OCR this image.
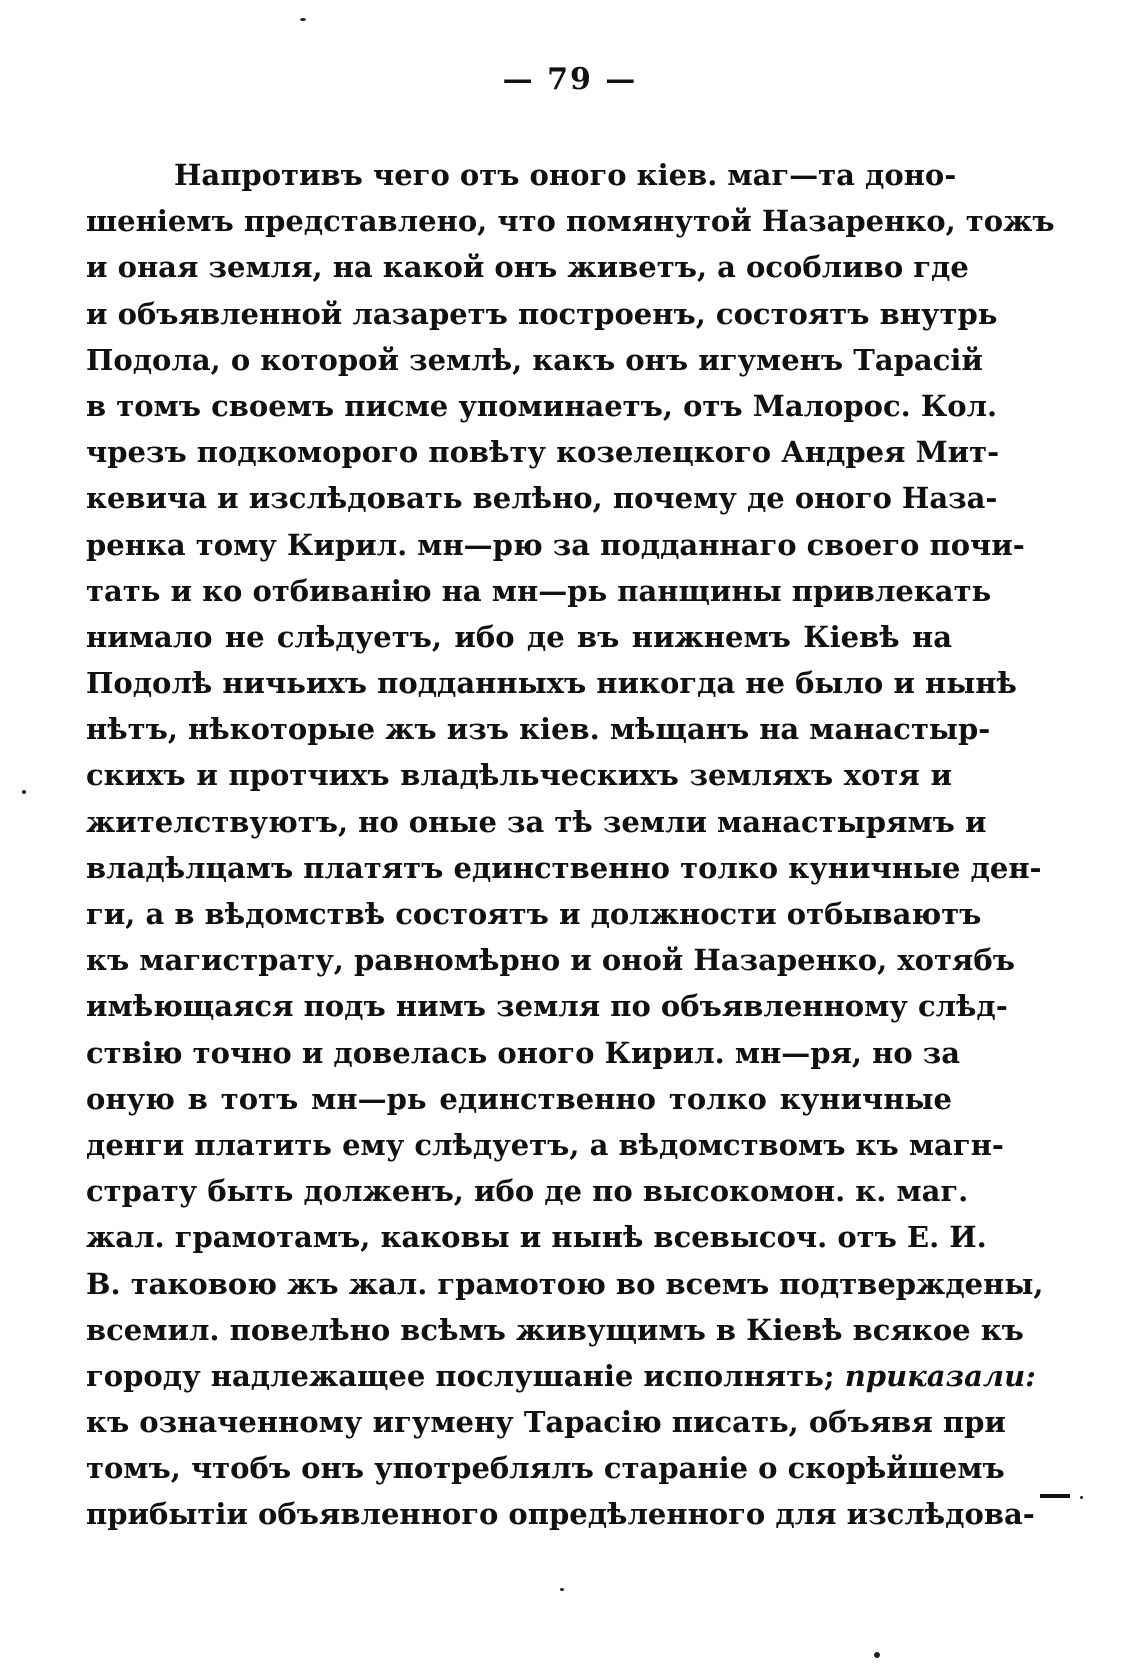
— 79 —
Напротивъ чего отъ оного кiев. маг—та доно-
шенiемъ представлено, что помянутой Назаренко, тожъ
и оная земля, на какой онъ живетъ, а особливо где
и объявленной лазаретъ построенъ, состоятъ внутрь
Подола, о которой землѣ, какъ онъ игуменъ Тарасiй
в томъ своемъ писме упоминаетъ, отъ Малорос. Кол.
чрезъ подкоморого повѣту козелецкого Андрея Мит-
кевича и изслѣдовать велѣно, почему де оного Наза-
ренка тому Кирил. мн—рю за подданнаго своего почи-
тать и ко отбиванiю на мн—рь панщины привлекать
нимало не слѣдуетъ, ибо де въ нижнемъ Кiевѣ на
Подолѣ ничьихъ подданныхъ никогда не было и нынѣ
нѣтъ, нѣкоторые жъ изъ кiев. мѣщанъ на манастыр-
скихъ и протчихъ владѣльческихъ земляхъ хотя и
жителствуютъ, но оные за тѣ земли манастырямъ и
владѣлцамъ платятъ единственно толко куничные ден-
ги, а в вѣдомствѣ состоятъ и должности отбываютъ
къ магистрату, равномѣрно и оной Назаренко, хотябъ
имѣющаяся подъ нимъ земля по объявленному слѣд-
ствiю точно и довелась оного Кирил. мн—ря, но за
оную в тотъ мн—рь единственно толко куничные
денги платить ему слѣдуетъ, а вѣдомствомъ къ магн-
страту быть долженъ, ибо де по высокомон. к. маг.
жал. грамотамъ, каковы и нынѣ всевысоч. отъ Е. И.
В. таковою жъ жал. грамотою во всемъ подтверждены,
всемил. повелѣно всѣмъ живущимъ в Кiевѣ всякое къ
городу надлежащее послушанiе исполнять; приказали:
къ означенному игумену Тарасiю писать, объявя при
томъ, чтобъ онъ употреблялъ старанiе о скорѣйшемъ
прибытiи объявленного опредѣленного для изслѣдова-
